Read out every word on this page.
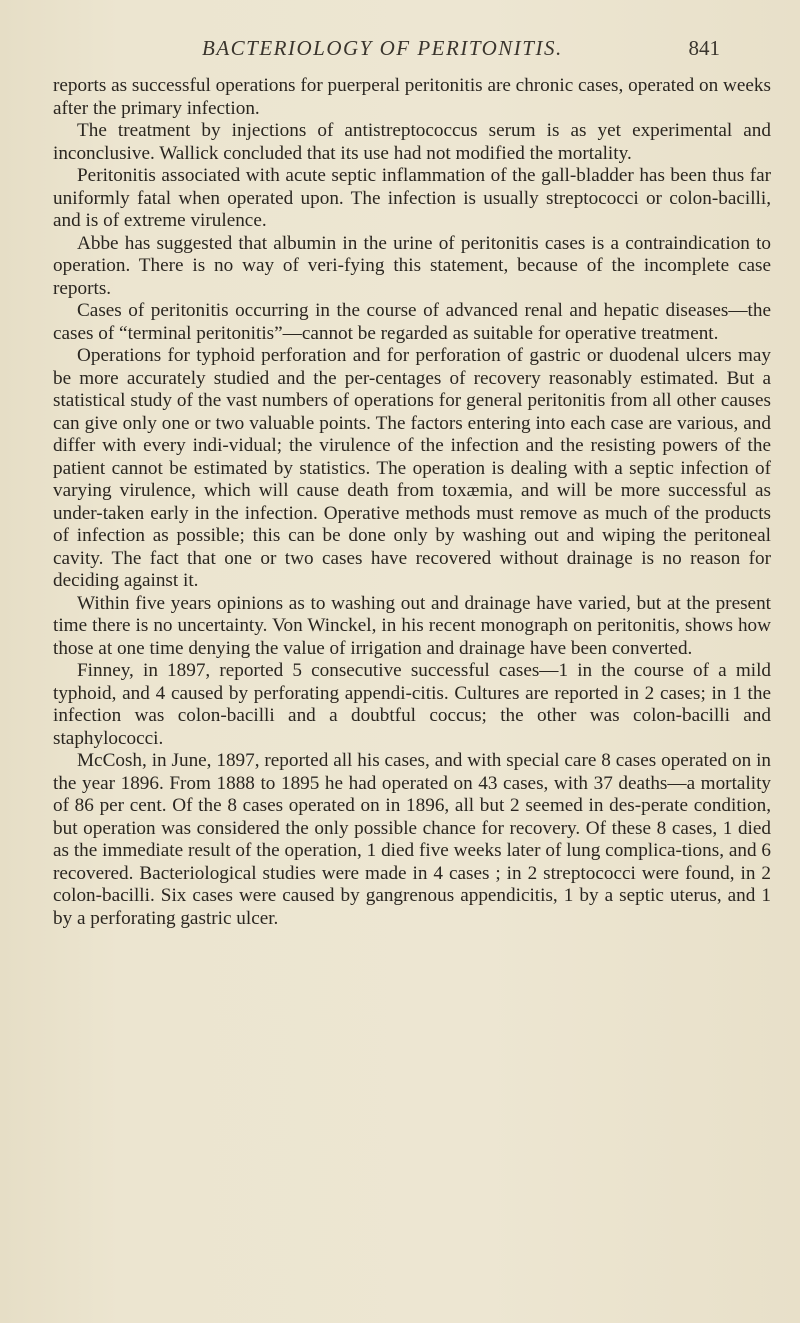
BACTERIOLOGY OF PERITONITIS.	841

reports as successful operations for puerperal peritonitis are chronic cases, operated on weeks after the primary infection.

The treatment by injections of antistreptococcus serum is as yet experimental and inconclusive. Wallick concluded that its use had not modified the mortality.

Peritonitis associated with acute septic inflammation of the gall-bladder has been thus far uniformly fatal when operated upon. The infection is usually streptococci or colon-bacilli, and is of extreme virulence.

Abbe has suggested that albumin in the urine of peritonitis cases is a contraindication to operation. There is no way of veri-fying this statement, because of the incomplete case reports.

Cases of peritonitis occurring in the course of advanced renal and hepatic diseases—the cases of “terminal peritonitis”—cannot be regarded as suitable for operative treatment.

Operations for typhoid perforation and for perforation of gastric or duodenal ulcers may be more accurately studied and the per-centages of recovery reasonably estimated. But a statistical study of the vast numbers of operations for general peritonitis from all other causes can give only one or two valuable points. The factors entering into each case are various, and differ with every indi-vidual; the virulence of the infection and the resisting powers of the patient cannot be estimated by statistics. The operation is dealing with a septic infection of varying virulence, which will cause death from toxæmia, and will be more successful as under-taken early in the infection. Operative methods must remove as much of the products of infection as possible; this can be done only by washing out and wiping the peritoneal cavity. The fact that one or two cases have recovered without drainage is no reason for deciding against it.

Within five years opinions as to washing out and drainage have varied, but at the present time there is no uncertainty. Von Winckel, in his recent monograph on peritonitis, shows how those at one time denying the value of irrigation and drainage have been converted.

Finney, in 1897, reported 5 consecutive successful cases—1 in the course of a mild typhoid, and 4 caused by perforating appendi-citis. Cultures are reported in 2 cases; in 1 the infection was colon-bacilli and a doubtful coccus; the other was colon-bacilli and staphylococci.

McCosh, in June, 1897, reported all his cases, and with special care 8 cases operated on in the year 1896. From 1888 to 1895 he had operated on 43 cases, with 37 deaths—a mortality of 86 per cent. Of the 8 cases operated on in 1896, all but 2 seemed in des-perate condition, but operation was considered the only possible chance for recovery. Of these 8 cases, 1 died as the immediate result of the operation, 1 died five weeks later of lung complica-tions, and 6 recovered. Bacteriological studies were made in 4 cases ; in 2 streptococci were found, in 2 colon-bacilli. Six cases were caused by gangrenous appendicitis, 1 by a septic uterus, and 1 by a perforating gastric ulcer.
